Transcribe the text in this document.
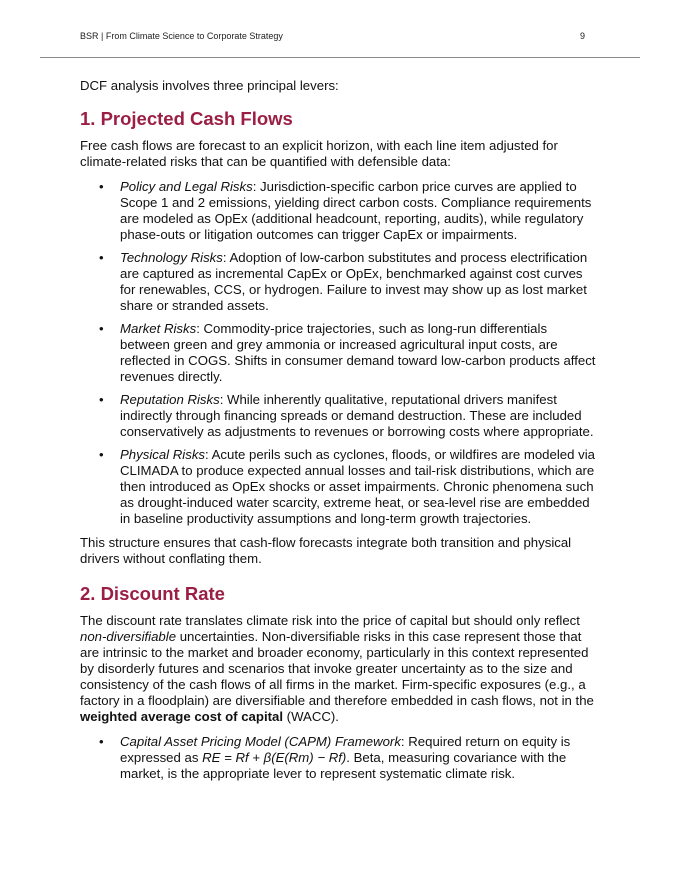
BSR | From Climate Science to Corporate Strategy	9

DCF analysis involves three principal levers:

1. Projected Cash Flows

Free cash flows are forecast to an explicit horizon, with each line item adjusted for climate-related risks that can be quantified with defensible data:

• Policy and Legal Risks: Jurisdiction-specific carbon price curves are applied to Scope 1 and 2 emissions, yielding direct carbon costs. Compliance requirements are modeled as OpEx (additional headcount, reporting, audits), while regulatory phase-outs or litigation outcomes can trigger CapEx or impairments.
• Technology Risks: Adoption of low-carbon substitutes and process electrification are captured as incremental CapEx or OpEx, benchmarked against cost curves for renewables, CCS, or hydrogen. Failure to invest may show up as lost market share or stranded assets.
• Market Risks: Commodity-price trajectories, such as long-run differentials between green and grey ammonia or increased agricultural input costs, are reflected in COGS. Shifts in consumer demand toward low-carbon products affect revenues directly.
• Reputation Risks: While inherently qualitative, reputational drivers manifest indirectly through financing spreads or demand destruction. These are included conservatively as adjustments to revenues or borrowing costs where appropriate.
• Physical Risks: Acute perils such as cyclones, floods, or wildfires are modeled via CLIMADA to produce expected annual losses and tail-risk distributions, which are then introduced as OpEx shocks or asset impairments. Chronic phenomena such as drought-induced water scarcity, extreme heat, or sea-level rise are embedded in baseline productivity assumptions and long-term growth trajectories.

This structure ensures that cash-flow forecasts integrate both transition and physical drivers without conflating them.

2. Discount Rate

The discount rate translates climate risk into the price of capital but should only reflect non-diversifiable uncertainties. Non-diversifiable risks in this case represent those that are intrinsic to the market and broader economy, particularly in this context represented by disorderly futures and scenarios that invoke greater uncertainty as to the size and consistency of the cash flows of all firms in the market. Firm-specific exposures (e.g., a factory in a floodplain) are diversifiable and therefore embedded in cash flows, not in the weighted average cost of capital (WACC).

• Capital Asset Pricing Model (CAPM) Framework: Required return on equity is expressed as RE = Rf + β(E(Rm) − Rf). Beta, measuring covariance with the market, is the appropriate lever to represent systematic climate risk.
